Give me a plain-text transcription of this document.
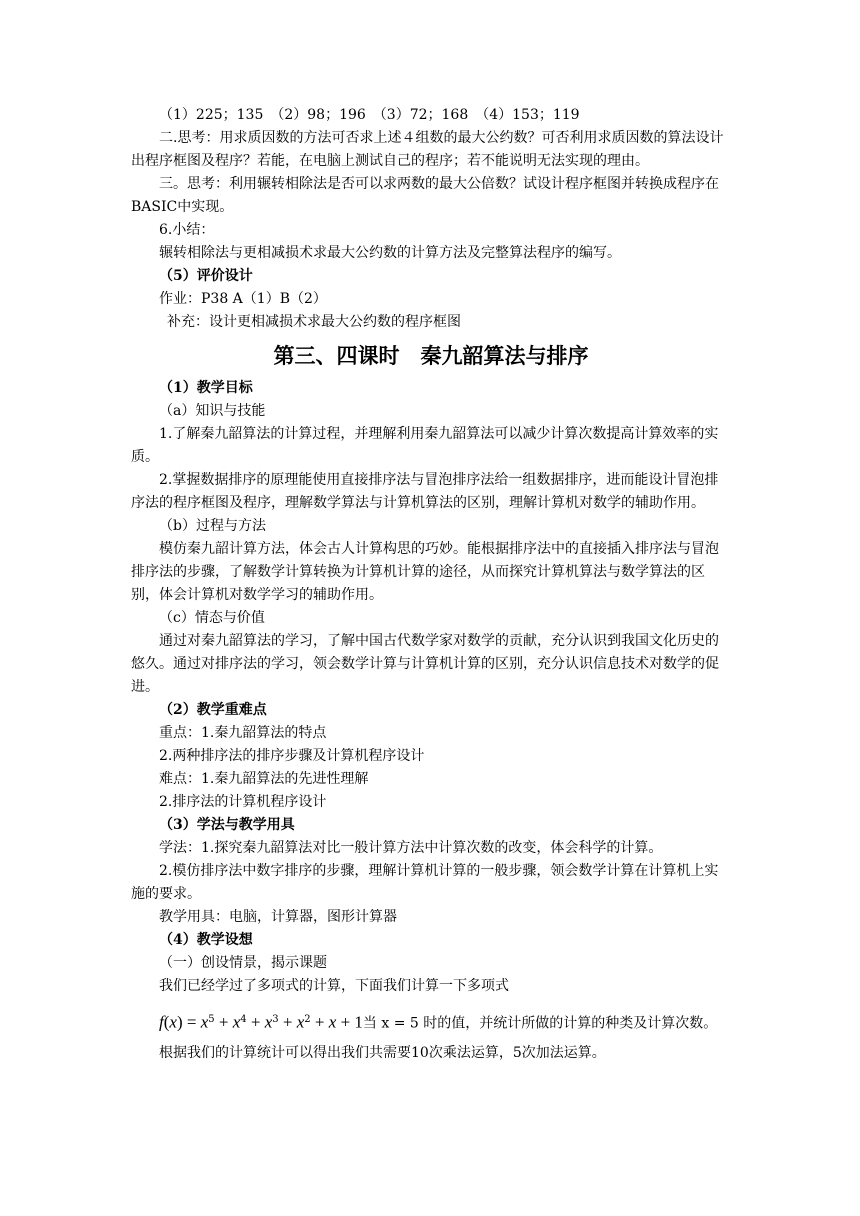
（1）225；135　（2）98；196　（3）72；168　（4）153；119

二.思考：用求质因数的方法可否求上述４组数的最大公约数？可否利用求质因数的算法设计出程序框图及程序？若能，在电脑上测试自己的程序；若不能说明无法实现的理由。

三。思考：利用辗转相除法是否可以求两数的最大公倍数？试设计程序框图并转换成程序在BASIC中实现。

6.小结：

辗转相除法与更相减损术求最大公约数的计算方法及完整算法程序的编写。

（5）评价设计

作业：P38 A（1）B（2）

补充：设计更相减损术求最大公约数的程序框图

第三、四课时　秦九韶算法与排序

（1）教学目标

（a）知识与技能

1.了解秦九韶算法的计算过程，并理解利用秦九韶算法可以减少计算次数提高计算效率的实质。

2.掌握数据排序的原理能使用直接排序法与冒泡排序法给一组数据排序，进而能设计冒泡排序法的程序框图及程序，理解数学算法与计算机算法的区别，理解计算机对数学的辅助作用。

（b）过程与方法

模仿秦九韶计算方法，体会古人计算构思的巧妙。能根据排序法中的直接插入排序法与冒泡排序法的步骤，了解数学计算转换为计算机计算的途径，从而探究计算机算法与数学算法的区别，体会计算机对数学学习的辅助作用。

（c）情态与价值

通过对秦九韶算法的学习，了解中国古代数学家对数学的贡献，充分认识到我国文化历史的悠久。通过对排序法的学习，领会数学计算与计算机计算的区别，充分认识信息技术对数学的促进。

（2）教学重难点

重点：1.秦九韶算法的特点

2.两种排序法的排序步骤及计算机程序设计

难点：1.秦九韶算法的先进性理解

2.排序法的计算机程序设计

（3）学法与教学用具

学法：1.探究秦九韶算法对比一般计算方法中计算次数的改变，体会科学的计算。

2.模仿排序法中数字排序的步骤，理解计算机计算的一般步骤，领会数学计算在计算机上实施的要求。

教学用具：电脑，计算器，图形计算器

（4）教学设想

（一）创设情景，揭示课题

我们已经学过了多项式的计算，下面我们计算一下多项式

$f(x) = x^5 + x^4 + x^3 + x^2 + x + 1$当 x = 5 时的值，并统计所做的计算的种类及计算次数。

根据我们的计算统计可以得出我们共需要10次乘法运算，5次加法运算。
